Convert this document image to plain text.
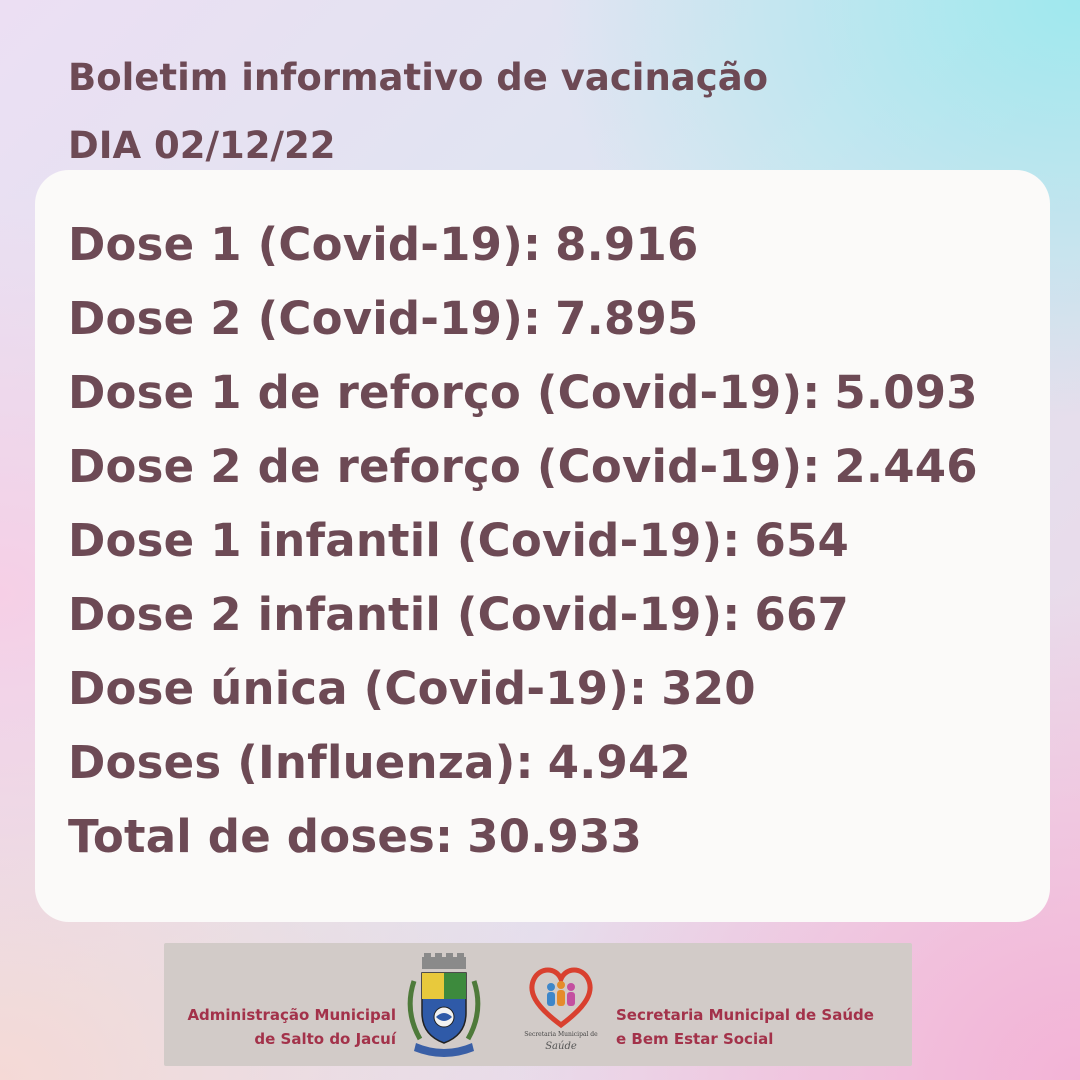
Boletim informativo de vacinação

DIA 02/12/22

Dose 1 (Covid-19): 8.916
Dose 2 (Covid-19): 7.895
Dose 1 de reforço (Covid-19): 5.093
Dose 2 de reforço (Covid-19): 2.446
Dose 1 infantil (Covid-19): 654
Dose 2 infantil (Covid-19): 667
Dose única (Covid-19): 320
Doses (Influenza): 4.942
Total de doses: 30.933
Administração Municipal
de Salto do Jacuí	Secretaria Municipal de
Saúde
Secretaria Municipal de Saúde
e Bem Estar Social
